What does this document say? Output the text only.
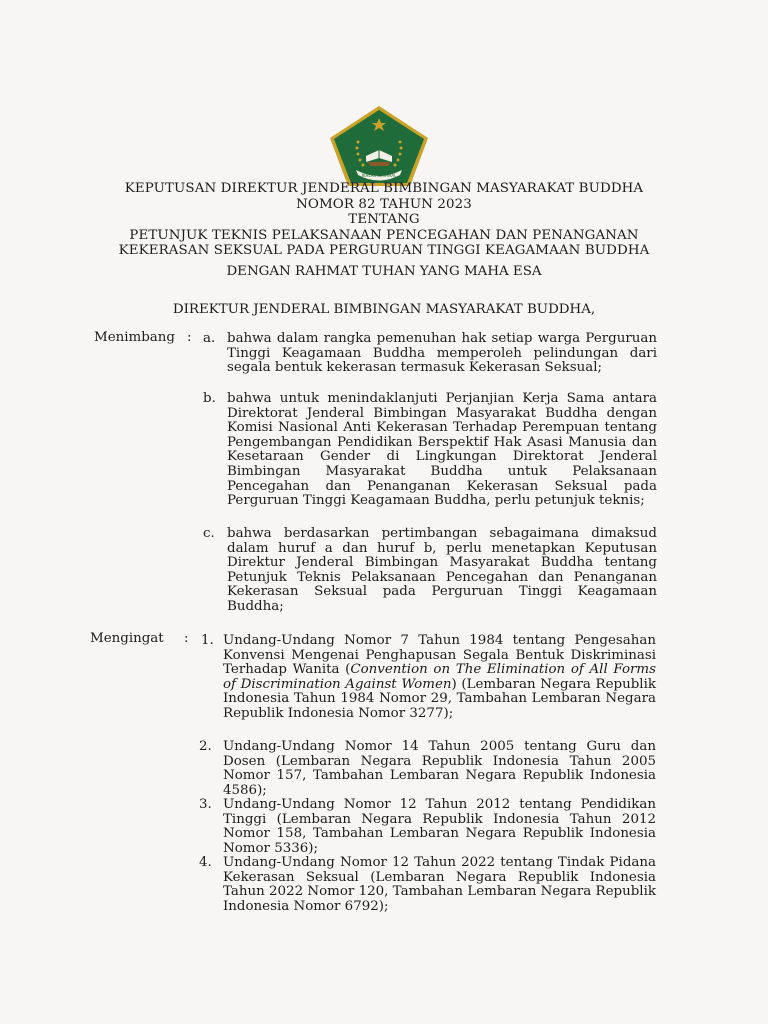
IKHLAS BERAMAL
KEPUTUSAN DIREKTUR JENDERAL BIMBINGAN MASYARAKAT BUDDHA
NOMOR 82 TAHUN 2023
TENTANG
PETUNJUK TEKNIS PELAKSANAAN PENCEGAHAN DAN PENANGANAN
KEKERASAN SEKSUAL PADA PERGURUAN TINGGI KEAGAMAAN BUDDHA
DENGAN RAHMAT TUHAN YANG MAHA ESA
DIREKTUR JENDERAL BIMBINGAN MASYARAKAT BUDDHA,
Menimbang : a. bahwa dalam rangka pemenuhan hak setiap warga Perguruan Tinggi Keagamaan Buddha memperoleh pelindungan dari segala bentuk kekerasan termasuk Kekerasan Seksual;

b. bahwa untuk menindaklanjuti Perjanjian Kerja Sama antara Direktorat Jenderal Bimbingan Masyarakat Buddha dengan Komisi Nasional Anti Kekerasan Terhadap Perempuan tentang Pengembangan Pendidikan Berspektif Hak Asasi Manusia dan Kesetaraan Gender di Lingkungan Direktorat Jenderal Bimbingan Masyarakat Buddha untuk Pelaksanaan Pencegahan dan Penanganan Kekerasan Seksual pada Perguruan Tinggi Keagamaan Buddha, perlu petunjuk teknis;

c. bahwa berdasarkan pertimbangan sebagaimana dimaksud dalam huruf a dan huruf b, perlu menetapkan Keputusan Direktur Jenderal Bimbingan Masyarakat Buddha tentang Petunjuk Teknis Pelaksanaan Pencegahan dan Penanganan Kekerasan Seksual pada Perguruan Tinggi Keagamaan Buddha;

Mengingat : 1. Undang-Undang Nomor 7 Tahun 1984 tentang Pengesahan Konvensi Mengenai Penghapusan Segala Bentuk Diskriminasi Terhadap Wanita (Convention on The Elimination of All Forms of Discrimination Against Women) (Lembaran Negara Republik Indonesia Tahun 1984 Nomor 29, Tambahan Lembaran Negara Republik Indonesia Nomor 3277);

2. Undang-Undang Nomor 14 Tahun 2005 tentang Guru dan Dosen (Lembaran Negara Republik Indonesia Tahun 2005 Nomor 157, Tambahan Lembaran Negara Republik Indonesia 4586);

3. Undang-Undang Nomor 12 Tahun 2012 tentang Pendidikan Tinggi (Lembaran Negara Republik Indonesia Tahun 2012 Nomor 158, Tambahan Lembaran Negara Republik Indonesia Nomor 5336);

4. Undang-Undang Nomor 12 Tahun 2022 tentang Tindak Pidana Kekerasan Seksual (Lembaran Negara Republik Indonesia Tahun 2022 Nomor 120, Tambahan Lembaran Negara Republik Indonesia Nomor 6792);
